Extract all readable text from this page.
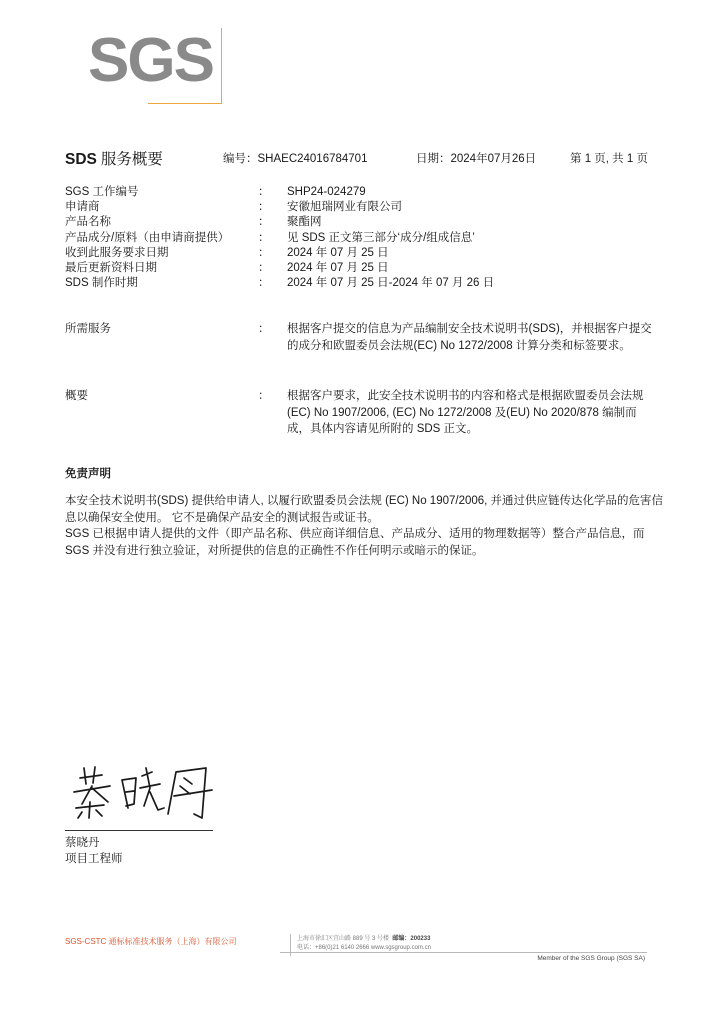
SGS
SDS 服务概要	编号：SHAEC24016784701	日期：2024年07月26日	第 1 页, 共 1 页
SGS 工作编号	：	SHP24-024279
申请商	：	安徽旭瑞网业有限公司
产品名称	：	聚酯网
产品成分/原料（由申请商提供）	：	见 SDS 正文第三部分‘成分/组成信息’
收到此服务要求日期	：	2024 年 07 月 25 日
最后更新资料日期	：	2024 年 07 月 25 日
SDS 制作时期	：	2024 年 07 月 25 日-2024 年 07 月 26 日
所需服务	：	根据客户提交的信息为产品编制安全技术说明书(SDS)，并根据客户提交的成分和欧盟委员会法规(EC) No 1272/2008 计算分类和标签要求。
概要	：	根据客户要求，此安全技术说明书的内容和格式是根据欧盟委员会法规 (EC) No 1907/2006, (EC) No 1272/2008 及(EU) No 2020/878 编制而成，具体内容请见所附的 SDS 正文。
免责声明

本安全技术说明书(SDS) 提供给申请人, 以履行欧盟委员会法规 (EC) No 1907/2006, 并通过供应链传达化学品的危害信息以确保安全使用。 它不是确保产品安全的测试报告或证书。

SGS 已根据申请人提供的文件（即产品名称、供应商详细信息、产品成分、适用的物理数据等）整合产品信息，而 SGS 并没有进行独立验证，对所提供的信息的正确性不作任何明示或暗示的保证。

蔡晓丹
项目工程师
SGS-CSTC 通标标准技术服务（上海）有限公司	上海市徐汇区宜山路 889 号 3 号楼 邮编：200233
电话：+86(0)21 6140 2666 www.sgsgroup.com.cn
Member of the SGS Group (SGS SA)
